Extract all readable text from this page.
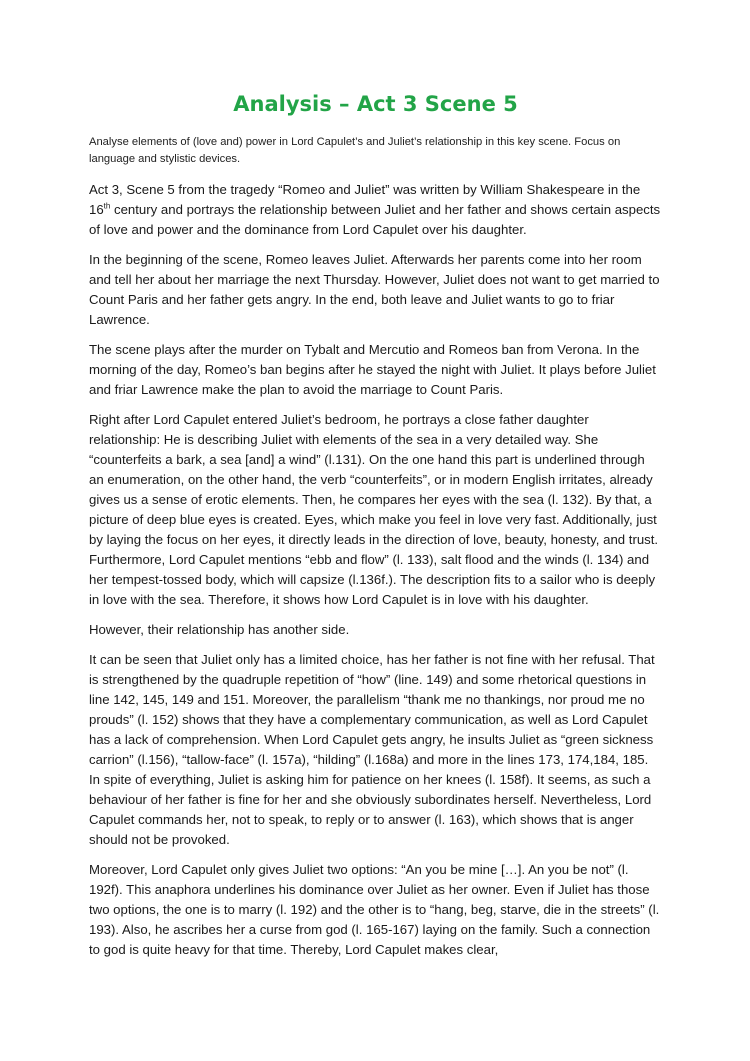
Analysis – Act 3 Scene 5

Analyse elements of (love and) power in Lord Capulet’s and Juliet’s relationship in this key scene. Focus on language and stylistic devices.

Act 3, Scene 5 from the tragedy “Romeo and Juliet” was written by William Shakespeare in the 16th century and portrays the relationship between Juliet and her father and shows certain aspects of love and power and the dominance from Lord Capulet over his daughter.

In the beginning of the scene, Romeo leaves Juliet. Afterwards her parents come into her room and tell her about her marriage the next Thursday. However, Juliet does not want to get married to Count Paris and her father gets angry. In the end, both leave and Juliet wants to go to friar Lawrence.

The scene plays after the murder on Tybalt and Mercutio and Romeos ban from Verona. In the morning of the day, Romeo’s ban begins after he stayed the night with Juliet. It plays before Juliet and friar Lawrence make the plan to avoid the marriage to Count Paris.

Right after Lord Capulet entered Juliet’s bedroom, he portrays a close father daughter relationship: He is describing Juliet with elements of the sea in a very detailed way. She “counterfeits a bark, a sea [and] a wind” (l.131). On the one hand this part is underlined through an enumeration, on the other hand, the verb “counterfeits”, or in modern English irritates, already gives us a sense of erotic elements. Then, he compares her eyes with the sea (l. 132). By that, a picture of deep blue eyes is created. Eyes, which make you feel in love very fast. Additionally, just by laying the focus on her eyes, it directly leads in the direction of love, beauty, honesty, and trust. Furthermore, Lord Capulet mentions “ebb and flow” (l. 133), salt flood and the winds (l. 134) and her tempest-tossed body, which will capsize (l.136f.). The description fits to a sailor who is deeply in love with the sea. Therefore, it shows how Lord Capulet is in love with his daughter.

However, their relationship has another side.

It can be seen that Juliet only has a limited choice, has her father is not fine with her refusal. That is strengthened by the quadruple repetition of “how” (line. 149) and some rhetorical questions in line 142, 145, 149 and 151. Moreover, the parallelism “thank me no thankings, nor proud me no prouds” (l. 152) shows that they have a complementary communication, as well as Lord Capulet has a lack of comprehension. When Lord Capulet gets angry, he insults Juliet as “green sickness carrion” (l.156), “tallow-face” (l. 157a), “hilding” (l.168a) and more in the lines 173, 174,184, 185. In spite of everything, Juliet is asking him for patience on her knees (l. 158f). It seems, as such a behaviour of her father is fine for her and she obviously subordinates herself. Nevertheless, Lord Capulet commands her, not to speak, to reply or to answer (l. 163), which shows that is anger should not be provoked.

Moreover, Lord Capulet only gives Juliet two options: “An you be mine […]. An you be not” (l. 192f). This anaphora underlines his dominance over Juliet as her owner. Even if Juliet has those two options, the one is to marry (l. 192) and the other is to “hang, beg, starve, die in the streets” (l. 193). Also, he ascribes her a curse from god (l. 165-167) laying on the family. Such a connection to god is quite heavy for that time. Thereby, Lord Capulet makes clear,
